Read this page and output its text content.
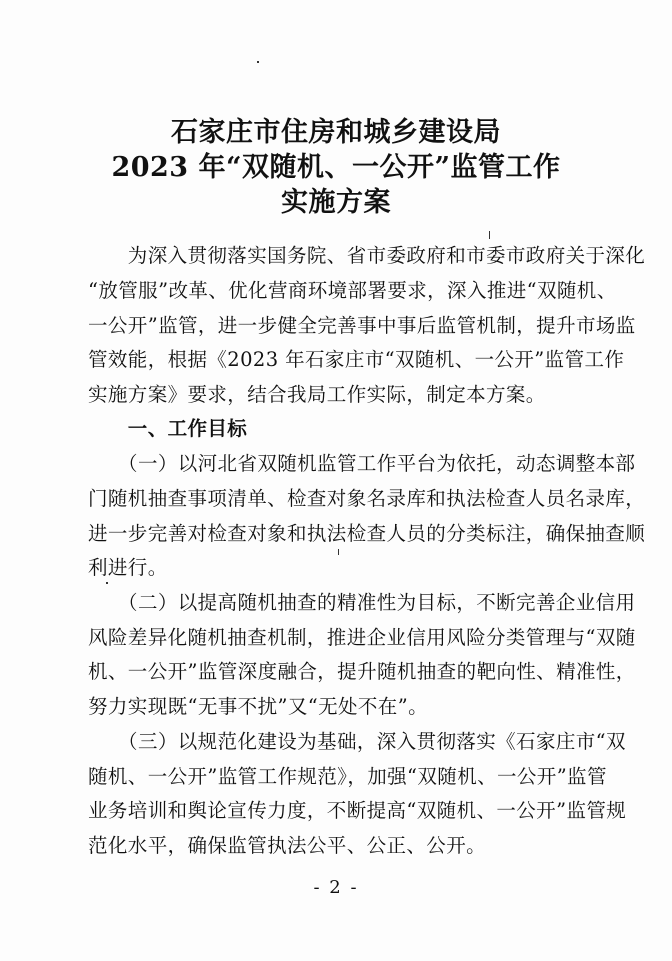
石家庄市住房和城乡建设局
2023 年“双随机、一公开”监管工作
实施方案
　　为深入贯彻落实国务院、省市委政府和市委市政府关于深化
“放管服”改革、优化营商环境部署要求，深入推进“双随机、
一公开”监管，进一步健全完善事中事后监管机制，提升市场监
管效能，根据《2023 年石家庄市“双随机、一公开”监管工作
实施方案》要求，结合我局工作实际，制定本方案。
　　一、工作目标
　　（一）以河北省双随机监管工作平台为依托，动态调整本部
门随机抽查事项清单、检查对象名录库和执法检查人员名录库，
进一步完善对检查对象和执法检查人员的分类标注，确保抽查顺
利进行。
　　（二）以提高随机抽查的精准性为目标，不断完善企业信用
风险差异化随机抽查机制，推进企业信用风险分类管理与“双随
机、一公开”监管深度融合，提升随机抽查的靶向性、精准性，
努力实现既“无事不扰”又“无处不在”。
　　（三）以规范化建设为基础，深入贯彻落实《石家庄市“双
随机、一公开”监管工作规范》，加强“双随机、一公开”监管
业务培训和舆论宣传力度，不断提高“双随机、一公开”监管规
范化水平，确保监管执法公平、公正、公开。
- 2 -
